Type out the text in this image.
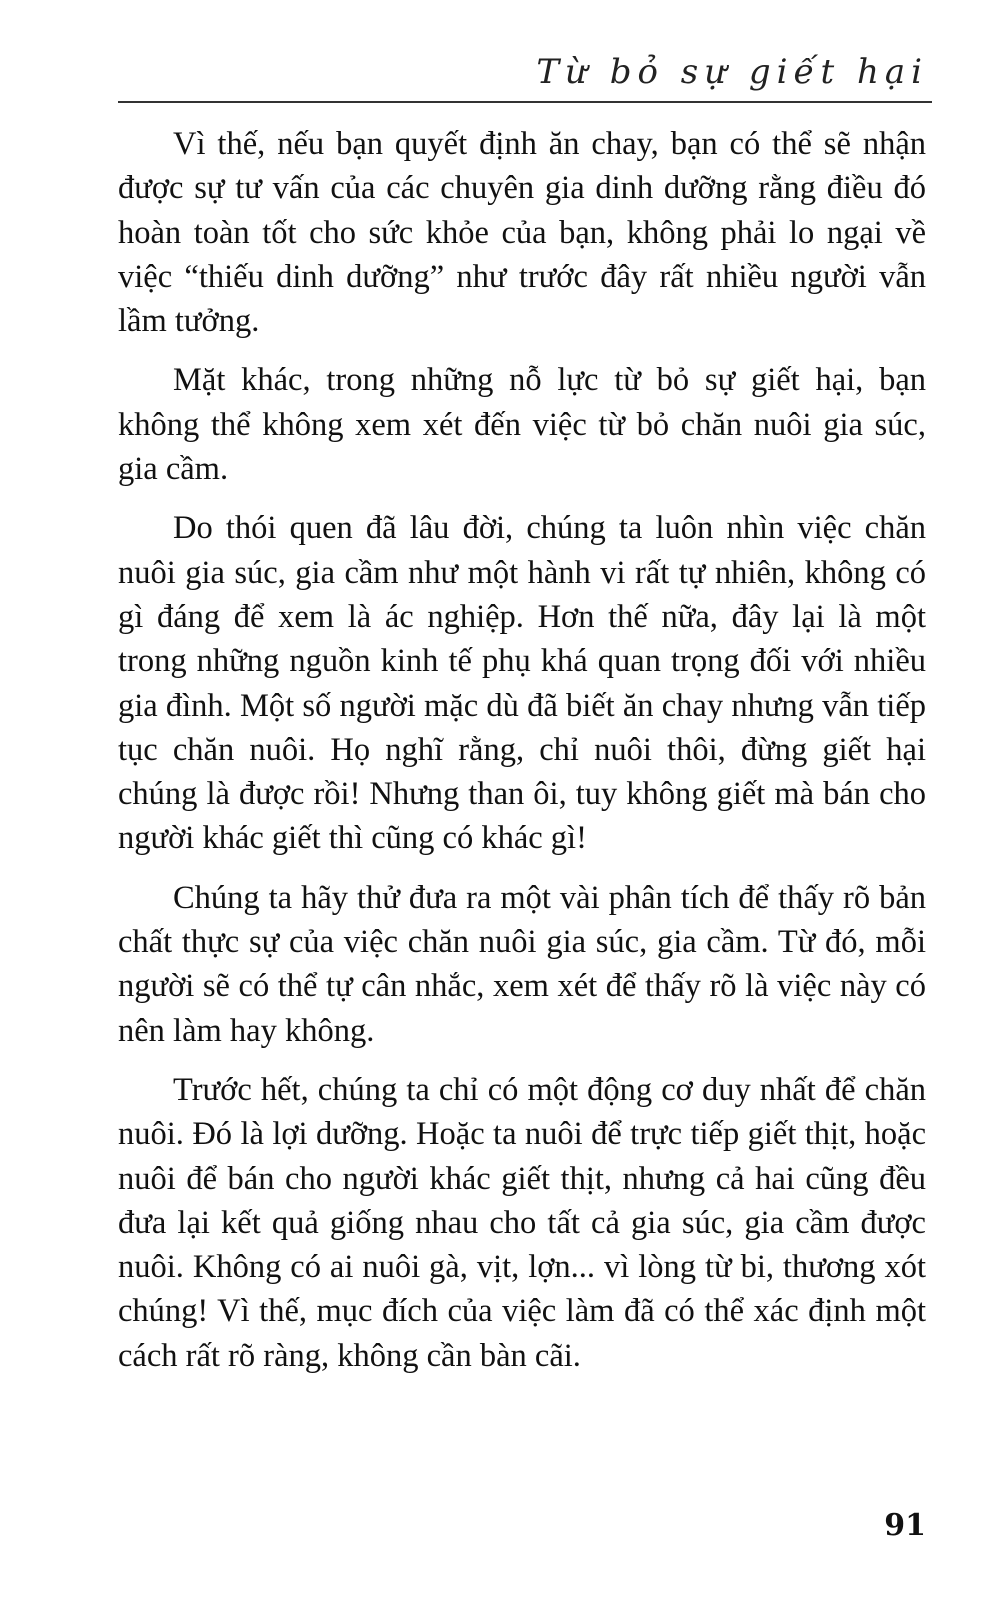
Từ bỏ sự giết hại

Vì thế, nếu bạn quyết định ăn chay, bạn có thể sẽ nhận được sự tư vấn của các chuyên gia dinh dưỡng rằng điều đó hoàn toàn tốt cho sức khỏe của bạn, không phải lo ngại về việc “thiếu dinh dưỡng” như trước đây rất nhiều người vẫn lầm tưởng.

Mặt khác, trong những nỗ lực từ bỏ sự giết hại, bạn không thể không xem xét đến việc từ bỏ chăn nuôi gia súc, gia cầm.

Do thói quen đã lâu đời, chúng ta luôn nhìn việc chăn nuôi gia súc, gia cầm như một hành vi rất tự nhiên, không có gì đáng để xem là ác nghiệp. Hơn thế nữa, đây lại là một trong những nguồn kinh tế phụ khá quan trọng đối với nhiều gia đình. Một số người mặc dù đã biết ăn chay nhưng vẫn tiếp tục chăn nuôi. Họ nghĩ rằng, chỉ nuôi thôi, đừng giết hại chúng là được rồi! Nhưng than ôi, tuy không giết mà bán cho người khác giết thì cũng có khác gì!

Chúng ta hãy thử đưa ra một vài phân tích để thấy rõ bản chất thực sự của việc chăn nuôi gia súc, gia cầm. Từ đó, mỗi người sẽ có thể tự cân nhắc, xem xét để thấy rõ là việc này có nên làm hay không.

Trước hết, chúng ta chỉ có một động cơ duy nhất để chăn nuôi. Đó là lợi dưỡng. Hoặc ta nuôi để trực tiếp giết thịt, hoặc nuôi để bán cho người khác giết thịt, nhưng cả hai cũng đều đưa lại kết quả giống nhau cho tất cả gia súc, gia cầm được nuôi. Không có ai nuôi gà, vịt, lợn... vì lòng từ bi, thương xót chúng! Vì thế, mục đích của việc làm đã có thể xác định một cách rất rõ ràng, không cần bàn cãi.

91
